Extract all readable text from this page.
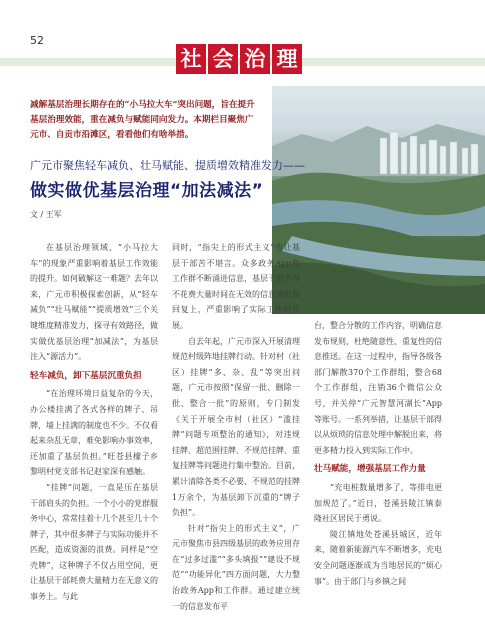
52
社 会 治 理
减解基层治理长期存在的“小马拉大车”突出问题，旨在提升基层治理效能，重在减负与赋能同向发力。本期栏目聚焦广元市、自贡市沿滩区，看看他们有啥举措。
广元市聚焦轻车减负、壮马赋能、提质增效精准发力——
做实做优基层治理“加法减法”
文 / 王军

在基层治理领域，“小马拉大车”的现象严重影响着基层工作效能的提升。如何破解这一难题？去年以来，广元市积极探索创新，从“轻车减负”“壮马赋能”“提质增效”三个关键维度精准发力，探寻有效路径，做实做优基层治理“加减法”，为基层注入“源活力”。

轻车减负，卸下基层沉重负担

“在治理环境日益复杂的今天，办公楼挂满了各式各样的牌子、吊牌，墙上挂满的制度也不少。不仅看起来杂乱无章，难免影响办事效率，还加重了基层负担。”旺苍县檬子乡黎明村党支部书记赵家深有感触。

“挂牌”问题，一直是压在基层干部肩头的负担。一个小小的党群服务中心，常常挂着十几个甚至几十个牌子，其中很多牌子与实际功能并不匹配，造成资源的浪费。同样是“空壳牌”，这种牌子不仅占用空间，更让基层干部耗费大量精力在无意义的事务上。与此

同时，“指尖上的形式主义”也让基层干部苦不堪言。众多政务App和工作群不断涌进信息，基层干部不得不花费大量时间在无效的信息填报和回复上，严重影响了实际工作的开展。

自去年起，广元市深入开展清理规范村级阵地挂牌行动。针对村（社区）挂牌“多、杂、乱”等突出问题，广元市按照“保留一批、删除一批、整合一批”的原则，专门制发《关于开展全市村（社区）“滥挂牌”问题专项整治的通知》，对违规挂牌、超范围挂牌、不规范挂牌、重复挂牌等问题进行集中整治。目前，累计清除各类不必要、不规范的挂牌1万余个，为基层卸下沉重的“牌子负担”。

针对“指尖上的形式主义”，广元市聚焦市县四级基层的政务应用存在“过多过滥”“多头填报”“建设不规范”“功能异化”四方面问题，大力整治政务App和工作群。通过建立统一的信息发布平

台，整合分散的工作内容，明确信息发布规则，杜绝随意性、重复性的信息推送。在这一过程中，指导各级各部门解散370个工作群组，整合68个工作群组，注销36个微信公众号，并关停“广元智慧河湖长”App等账号。一系列举措，让基层干部得以从烦琐的信息处理中解脱出来，将更多精力投入到实际工作中。

壮马赋能，增强基层工作力量

“充电桩数量增多了，等排电更加规范了。”近日，苍溪县陵江镇泰隆社区居民于勇说。

陵江镇地处苍溪县城区，近年来，随着新能源汽车不断增多，充电安全问题逐渐成为当地居民的“烦心事”。由于部门与乡镇之间
